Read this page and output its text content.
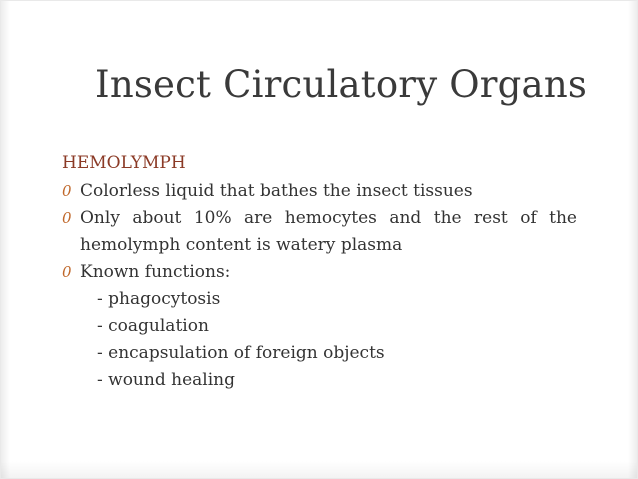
Insect Circulatory Organs
HEMOLYMPH

0 Colorless liquid that bathes the insect tissues

0 Only about 10% are hemocytes and the rest of the hemolymph content is watery plasma

0 Known functions:

- phagocytosis

- coagulation

- encapsulation of foreign objects

- wound healing
